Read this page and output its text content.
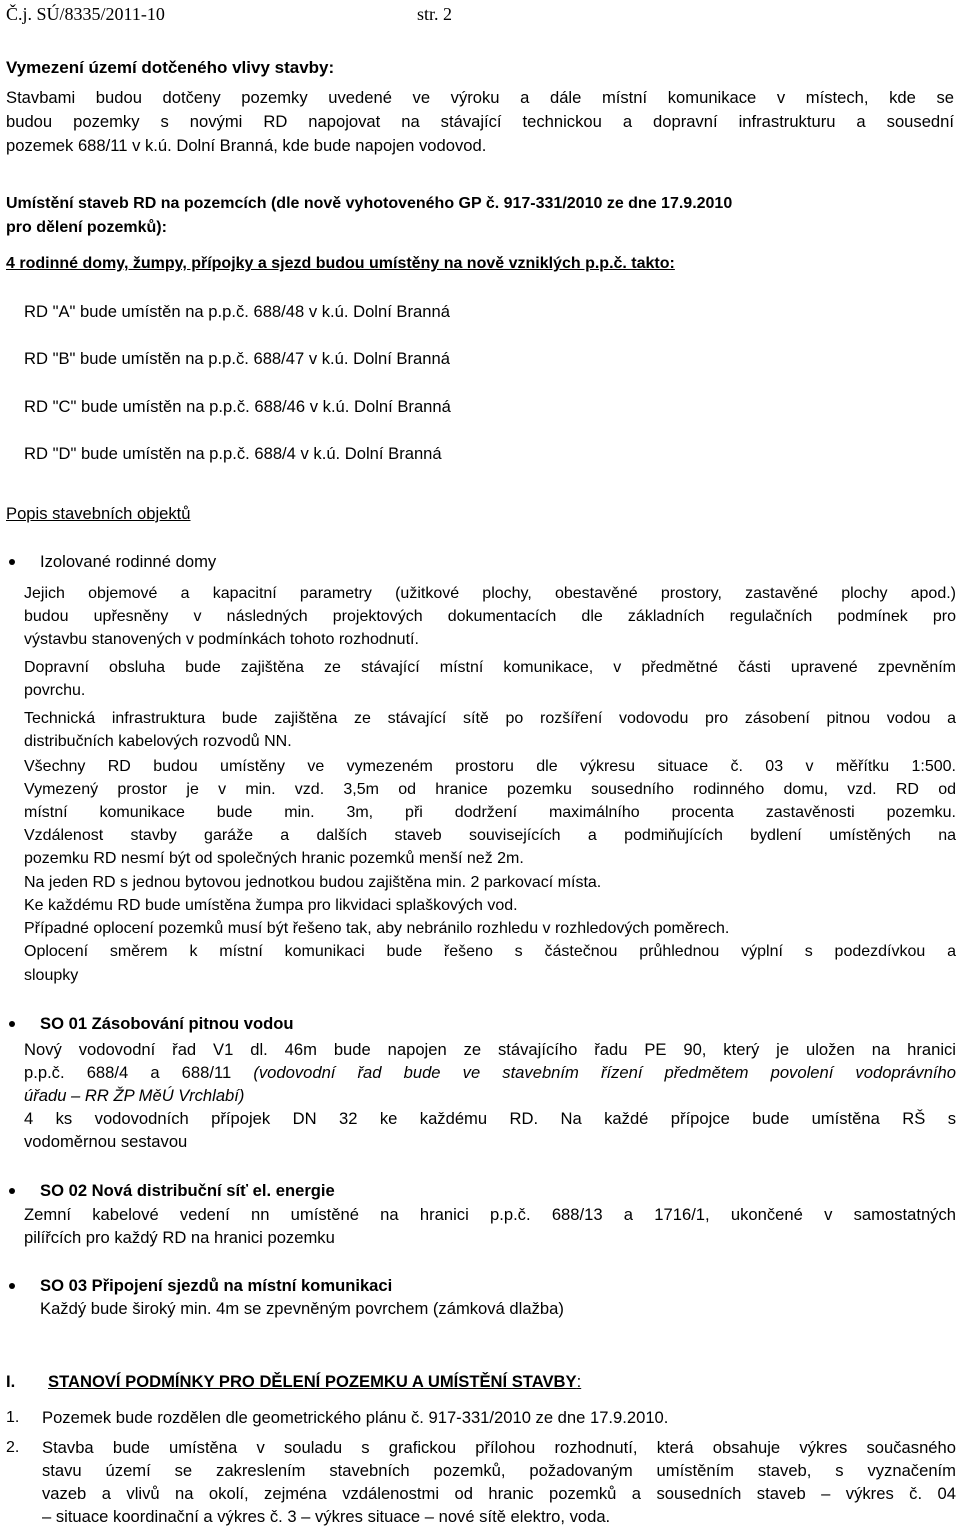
Č.j. SÚ/8335/2011-10	str. 2
Vymezení území dotčeného vlivy stavby:
Stavbami budou dotčeny pozemky uvedené ve výroku a dále místní komunikace v místech, kde se
budou pozemky s novými RD napojovat na stávající technickou a dopravní infrastrukturu a sousední
pozemek 688/11 v k.ú. Dolní Branná, kde bude napojen vodovod.
Umístění staveb RD na pozemcích (dle nově vyhotoveného GP č. 917-331/2010 ze dne 17.9.2010
pro dělení pozemků):
4 rodinné domy, žumpy, přípojky a sjezd budou umístěny na nově vzniklých p.p.č. takto:
RD "A" bude umístěn na p.p.č. 688/48 v k.ú. Dolní Branná
RD "B" bude umístěn na p.p.č. 688/47 v k.ú. Dolní Branná
RD "C" bude umístěn na p.p.č. 688/46 v k.ú. Dolní Branná
RD "D" bude umístěn na p.p.č. 688/4 v k.ú. Dolní Branná
Popis stavebních objektů
Izolované rodinné domy
Jejich objemové a kapacitní parametry (užitkové plochy, obestavěné prostory, zastavěné plochy apod.)
budou upřesněny v následných projektových dokumentacích dle základních regulačních podmínek pro
výstavbu stanovených v podmínkách tohoto rozhodnutí.
Dopravní obsluha bude zajištěna ze stávající místní komunikace, v předmětné části upravené zpevněním
povrchu.
Technická infrastruktura bude zajištěna ze stávající sítě po rozšíření vodovodu pro zásobení pitnou vodou a
distribučních kabelových rozvodů NN.
Všechny RD budou umístěny ve vymezeném prostoru dle výkresu situace č. 03 v měřítku 1:500.
Vymezený prostor je v min. vzd. 3,5m od hranice pozemku sousedního rodinného domu, vzd. RD od
místní komunikace bude min. 3m, při dodržení maximálního procenta zastavěnosti pozemku.
Vzdálenost stavby garáže a dalších staveb souvisejících a podmiňujících bydlení umístěných na
pozemku RD nesmí být od společných hranic pozemků menší než 2m.
Na jeden RD s jednou bytovou jednotkou budou zajištěna min. 2 parkovací místa.
Ke každému RD bude umístěna žumpa pro likvidaci splaškových vod.
Případné oplocení pozemků musí být řešeno tak, aby nebránilo rozhledu v rozhledových poměrech.
Oplocení směrem k místní komunikaci bude řešeno s částečnou průhlednou výplní s podezdívkou a
sloupky
SO 01 Zásobování pitnou vodou
Nový vodovodní řad V1 dl. 46m bude napojen ze stávajícího řadu PE 90, který je uložen na hranici
p.p.č. 688/4 a 688/11 (vodovodní řad bude ve stavebním řízení předmětem povolení vodoprávního
úřadu – RR ŽP MěÚ Vrchlabí)
4 ks vodovodních přípojek DN 32 ke každému RD. Na každé přípojce bude umístěna RŠ s
vodoměrnou sestavou
SO 02 Nová distribuční síť el. energie
Zemní kabelové vedení nn umístěné na hranici p.p.č. 688/13 a 1716/1, ukončené v samostatných
pilířcích pro každý RD na hranici pozemku
SO 03 Připojení sjezdů na místní komunikaci
Každý bude široký min. 4m se zpevněným povrchem (zámková dlažba)
I. STANOVÍ PODMÍNKY PRO DĚLENÍ POZEMKU A UMÍSTĚNÍ STAVBY:
1. Pozemek bude rozdělen dle geometrického plánu č. 917-331/2010 ze dne 17.9.2010.
2. Stavba bude umístěna v souladu s grafickou přílohou rozhodnutí, která obsahuje výkres současného
stavu území se zakreslením stavebních pozemků, požadovaným umístěním staveb, s vyznačením
vazeb a vlivů na okolí, zejména vzdálenostmi od hranic pozemků a sousedních staveb – výkres č. 04
– situace koordinační a výkres č. 3 – výkres situace – nové sítě elektro, voda.
